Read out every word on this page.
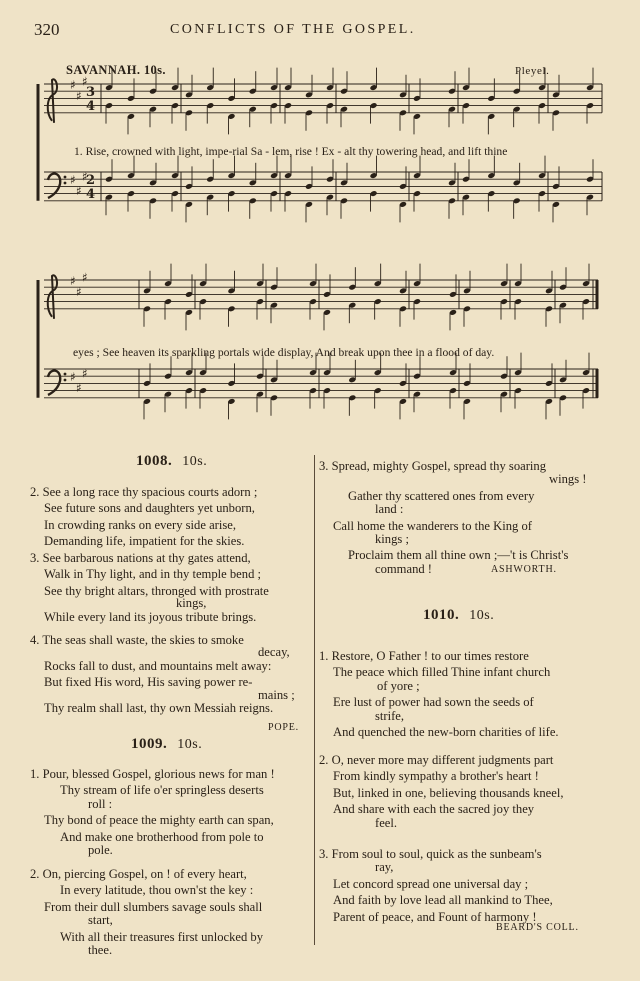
320	CONFLICTS OF THE GOSPEL.
SAVANNAH. 10s.	Pleyel.
♯
♯
♯
♯
♯
♯
♯
♯
♯
♯
♯
♯
3
4
2
4
1. Rise, crowned with light, impe-rial Sa - lem, rise ! Ex - alt thy towering head, and lift thine
eyes ; See heaven its sparkling portals wide display, And break upon thee in a flood of day.
1008. 10s.
2. See a long race thy spacious courts adorn ;
See future sons and daughters yet unborn,
In crowding ranks on every side arise,
Demanding life, impatient for the skies.
3. See barbarous nations at thy gates attend,
Walk in Thy light, and in thy temple bend ;
See thy bright altars, thronged with prostrate
kings,
While every land its joyous tribute brings.
4. The seas shall waste, the skies to smoke
decay,
Rocks fall to dust, and mountains melt away:
But fixed His word, His saving power re-
mains ;
Thy realm shall last, thy own Messiah reigns.
POPE.
1009. 10s.
1. Pour, blessed Gospel, glorious news for man !
Thy stream of life o'er springless deserts
roll :
Thy bond of peace the mighty earth can span,
And make one brotherhood from pole to
pole.
2. On, piercing Gospel, on ! of every heart,
In every latitude, thou own'st the key :
From their dull slumbers savage souls shall
start,
With all their treasures first unlocked by
thee.
3. Spread, mighty Gospel, spread thy soaring
wings !
Gather thy scattered ones from every
land :
Call home the wanderers to the King of
kings ;
Proclaim them all thine own ;—'t is Christ's
command !	ASHWORTH.
1010. 10s.
1. Restore, O Father ! to our times restore
The peace which filled Thine infant church
of yore ;
Ere lust of power had sown the seeds of
strife,
And quenched the new-born charities of life.
2. O, never more may different judgments part
From kindly sympathy a brother's heart !
But, linked in one, believing thousands kneel,
And share with each the sacred joy they
feel.
3. From soul to soul, quick as the sunbeam's
ray,
Let concord spread one universal day ;
And faith by love lead all mankind to Thee,
Parent of peace, and Fount of harmony !
BEARD'S COLL.
